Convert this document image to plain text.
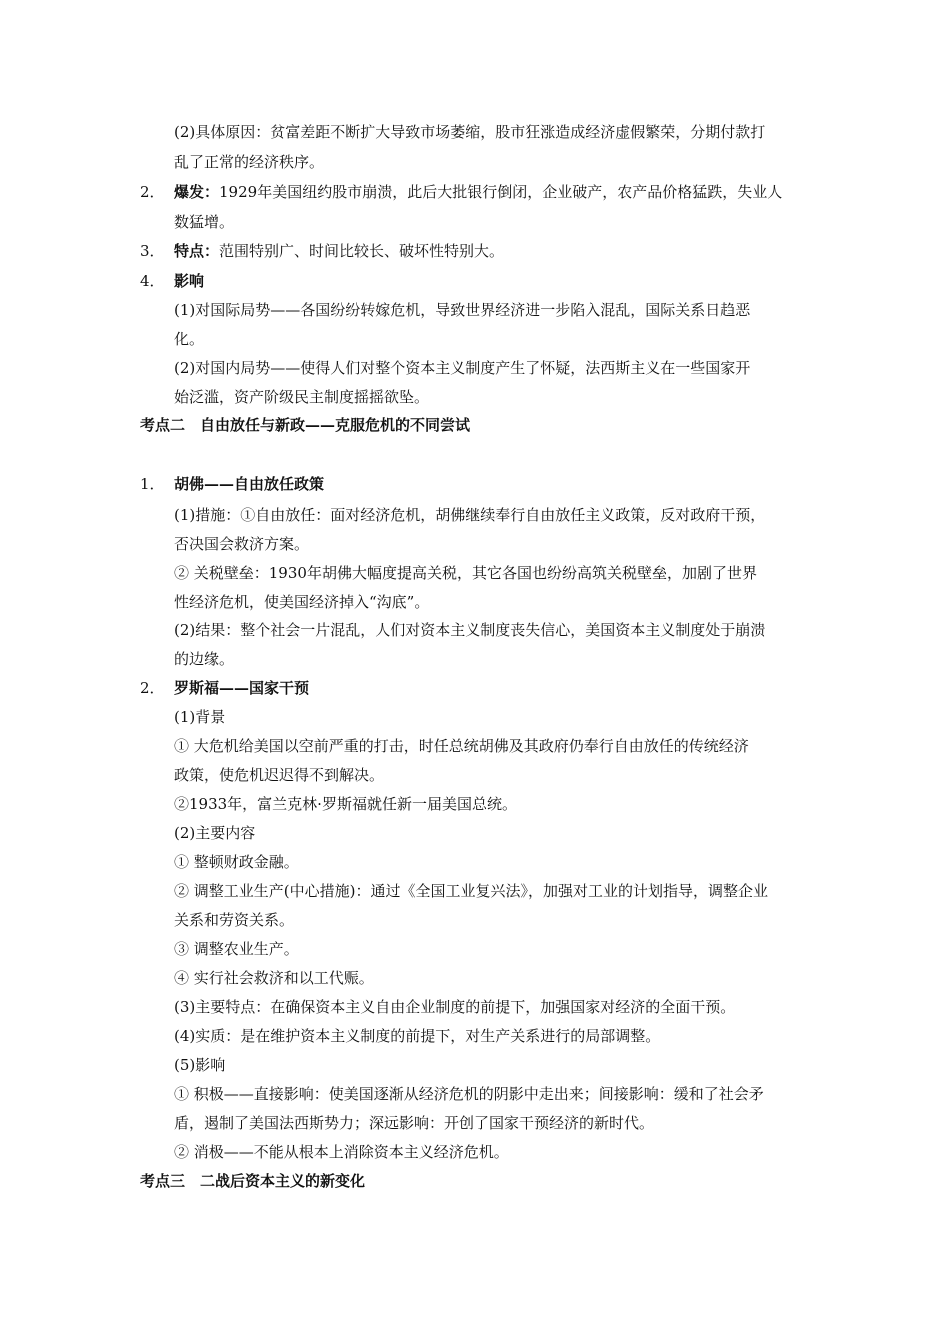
(2)具体原因：贫富差距不断扩大导致市场萎缩，股市狂涨造成经济虚假繁荣，分期付款打
乱了正常的经济秩序。
2． 爆发：1929年美国纽约股市崩溃，此后大批银行倒闭，企业破产，农产品价格猛跌，失业人
数猛增。
3． 特点：范围特别广、时间比较长、破坏性特别大。
4． 影响
(1)对国际局势——各国纷纷转嫁危机，导致世界经济进一步陷入混乱，国际关系日趋恶
化。
(2)对国内局势——使得人们对整个资本主义制度产生了怀疑，法西斯主义在一些国家开
始泛滥，资产阶级民主制度摇摇欲坠。
考点二　自由放任与新政——克服危机的不同尝试
1． 胡佛——自由放任政策
(1)措施：①自由放任：面对经济危机，胡佛继续奉行自由放任主义政策，反对政府干预，
否决国会救济方案。
② 关税壁垒：1930年胡佛大幅度提高关税，其它各国也纷纷高筑关税壁垒，加剧了世界
性经济危机，使美国经济掉入“沟底”。
(2)结果：整个社会一片混乱，人们对资本主义制度丧失信心，美国资本主义制度处于崩溃
的边缘。
2． 罗斯福——国家干预
(1)背景
① 大危机给美国以空前严重的打击，时任总统胡佛及其政府仍奉行自由放任的传统经济
政策，使危机迟迟得不到解决。
②1933年，富兰克林·罗斯福就任新一届美国总统。
(2)主要内容
① 整顿财政金融。
② 调整工业生产(中心措施)：通过《全国工业复兴法》，加强对工业的计划指导，调整企业
关系和劳资关系。
③ 调整农业生产。
④ 实行社会救济和以工代赈。
(3)主要特点：在确保资本主义自由企业制度的前提下，加强国家对经济的全面干预。
(4)实质：是在维护资本主义制度的前提下，对生产关系进行的局部调整。
(5)影响
① 积极——直接影响：使美国逐渐从经济危机的阴影中走出来；间接影响：缓和了社会矛
盾，遏制了美国法西斯势力；深远影响：开创了国家干预经济的新时代。
② 消极——不能从根本上消除资本主义经济危机。
考点三　二战后资本主义的新变化
